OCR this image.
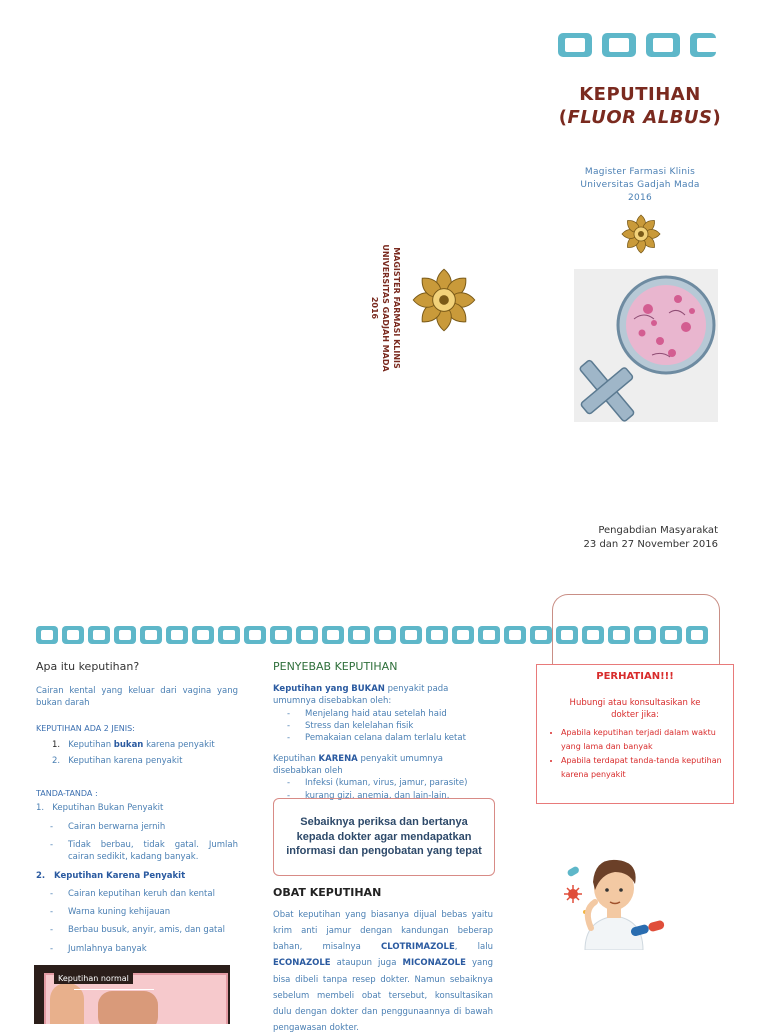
KEPUTIHAN
(FLUOR ALBUS)
Magister Farmasi Klinis
Universitas Gadjah Mada
2016
Pengabdian Masyarakat
23 dan 27 November 2016
MAGISTER FARMASI KLINIS
UNIVERSITAS GADJAH MADA
2016
Apa itu keputihan?
Cairan kental yang keluar dari vagina yang bukan darah
KEPUTIHAN ADA 2 JENIS:
1. Keputihan bukan karena penyakit
2. Keputihan karena penyakit
TANDA-TANDA :
1. Keputihan Bukan Penyakit
- Cairan berwarna jernih
- Tidak berbau, tidak gatal. Jumlah cairan sedikit, kadang banyak.
2. Keputihan Karena Penyakit
- Cairan keputihan keruh dan kental
- Warna kuning kehijauan
- Berbau busuk, anyir, amis, dan gatal
- Jumlahnya banyak
Keputihan normal
PENYEBAB KEPUTIHAN
Keputihan yang BUKAN penyakit pada umumnya disebabkan oleh:
- Menjelang haid atau setelah haid
- Stress dan kelelahan fisik
- Pemakaian celana dalam terlalu ketat
Keputihan KARENA penyakit umumnya disebabkan oleh
- Infeksi (kuman, virus, jamur, parasite)
- kurang gizi, anemia, dan lain-lain.
Sebaiknya periksa dan bertanya kepada dokter agar mendapatkan informasi dan pengobatan yang tepat
OBAT KEPUTIHAN
Obat keputihan yang biasanya dijual bebas yaitu krim anti jamur dengan kandungan beberap bahan, misalnya CLOTRIMAZOLE, lalu ECONAZOLE ataupun juga MICONAZOLE yang bisa dibeli tanpa resep dokter. Namun sebaiknya sebelum membeli obat tersebut, konsultasikan dulu dengan dokter dan penggunaannya di bawah pengawasan dokter.
PERHATIAN!!!
Hubungi atau konsultasikan ke dokter jika:
• Apabila keputihan terjadi dalam waktu yang lama dan banyak
• Apabila terdapat tanda-tanda keputihan karena penyakit
